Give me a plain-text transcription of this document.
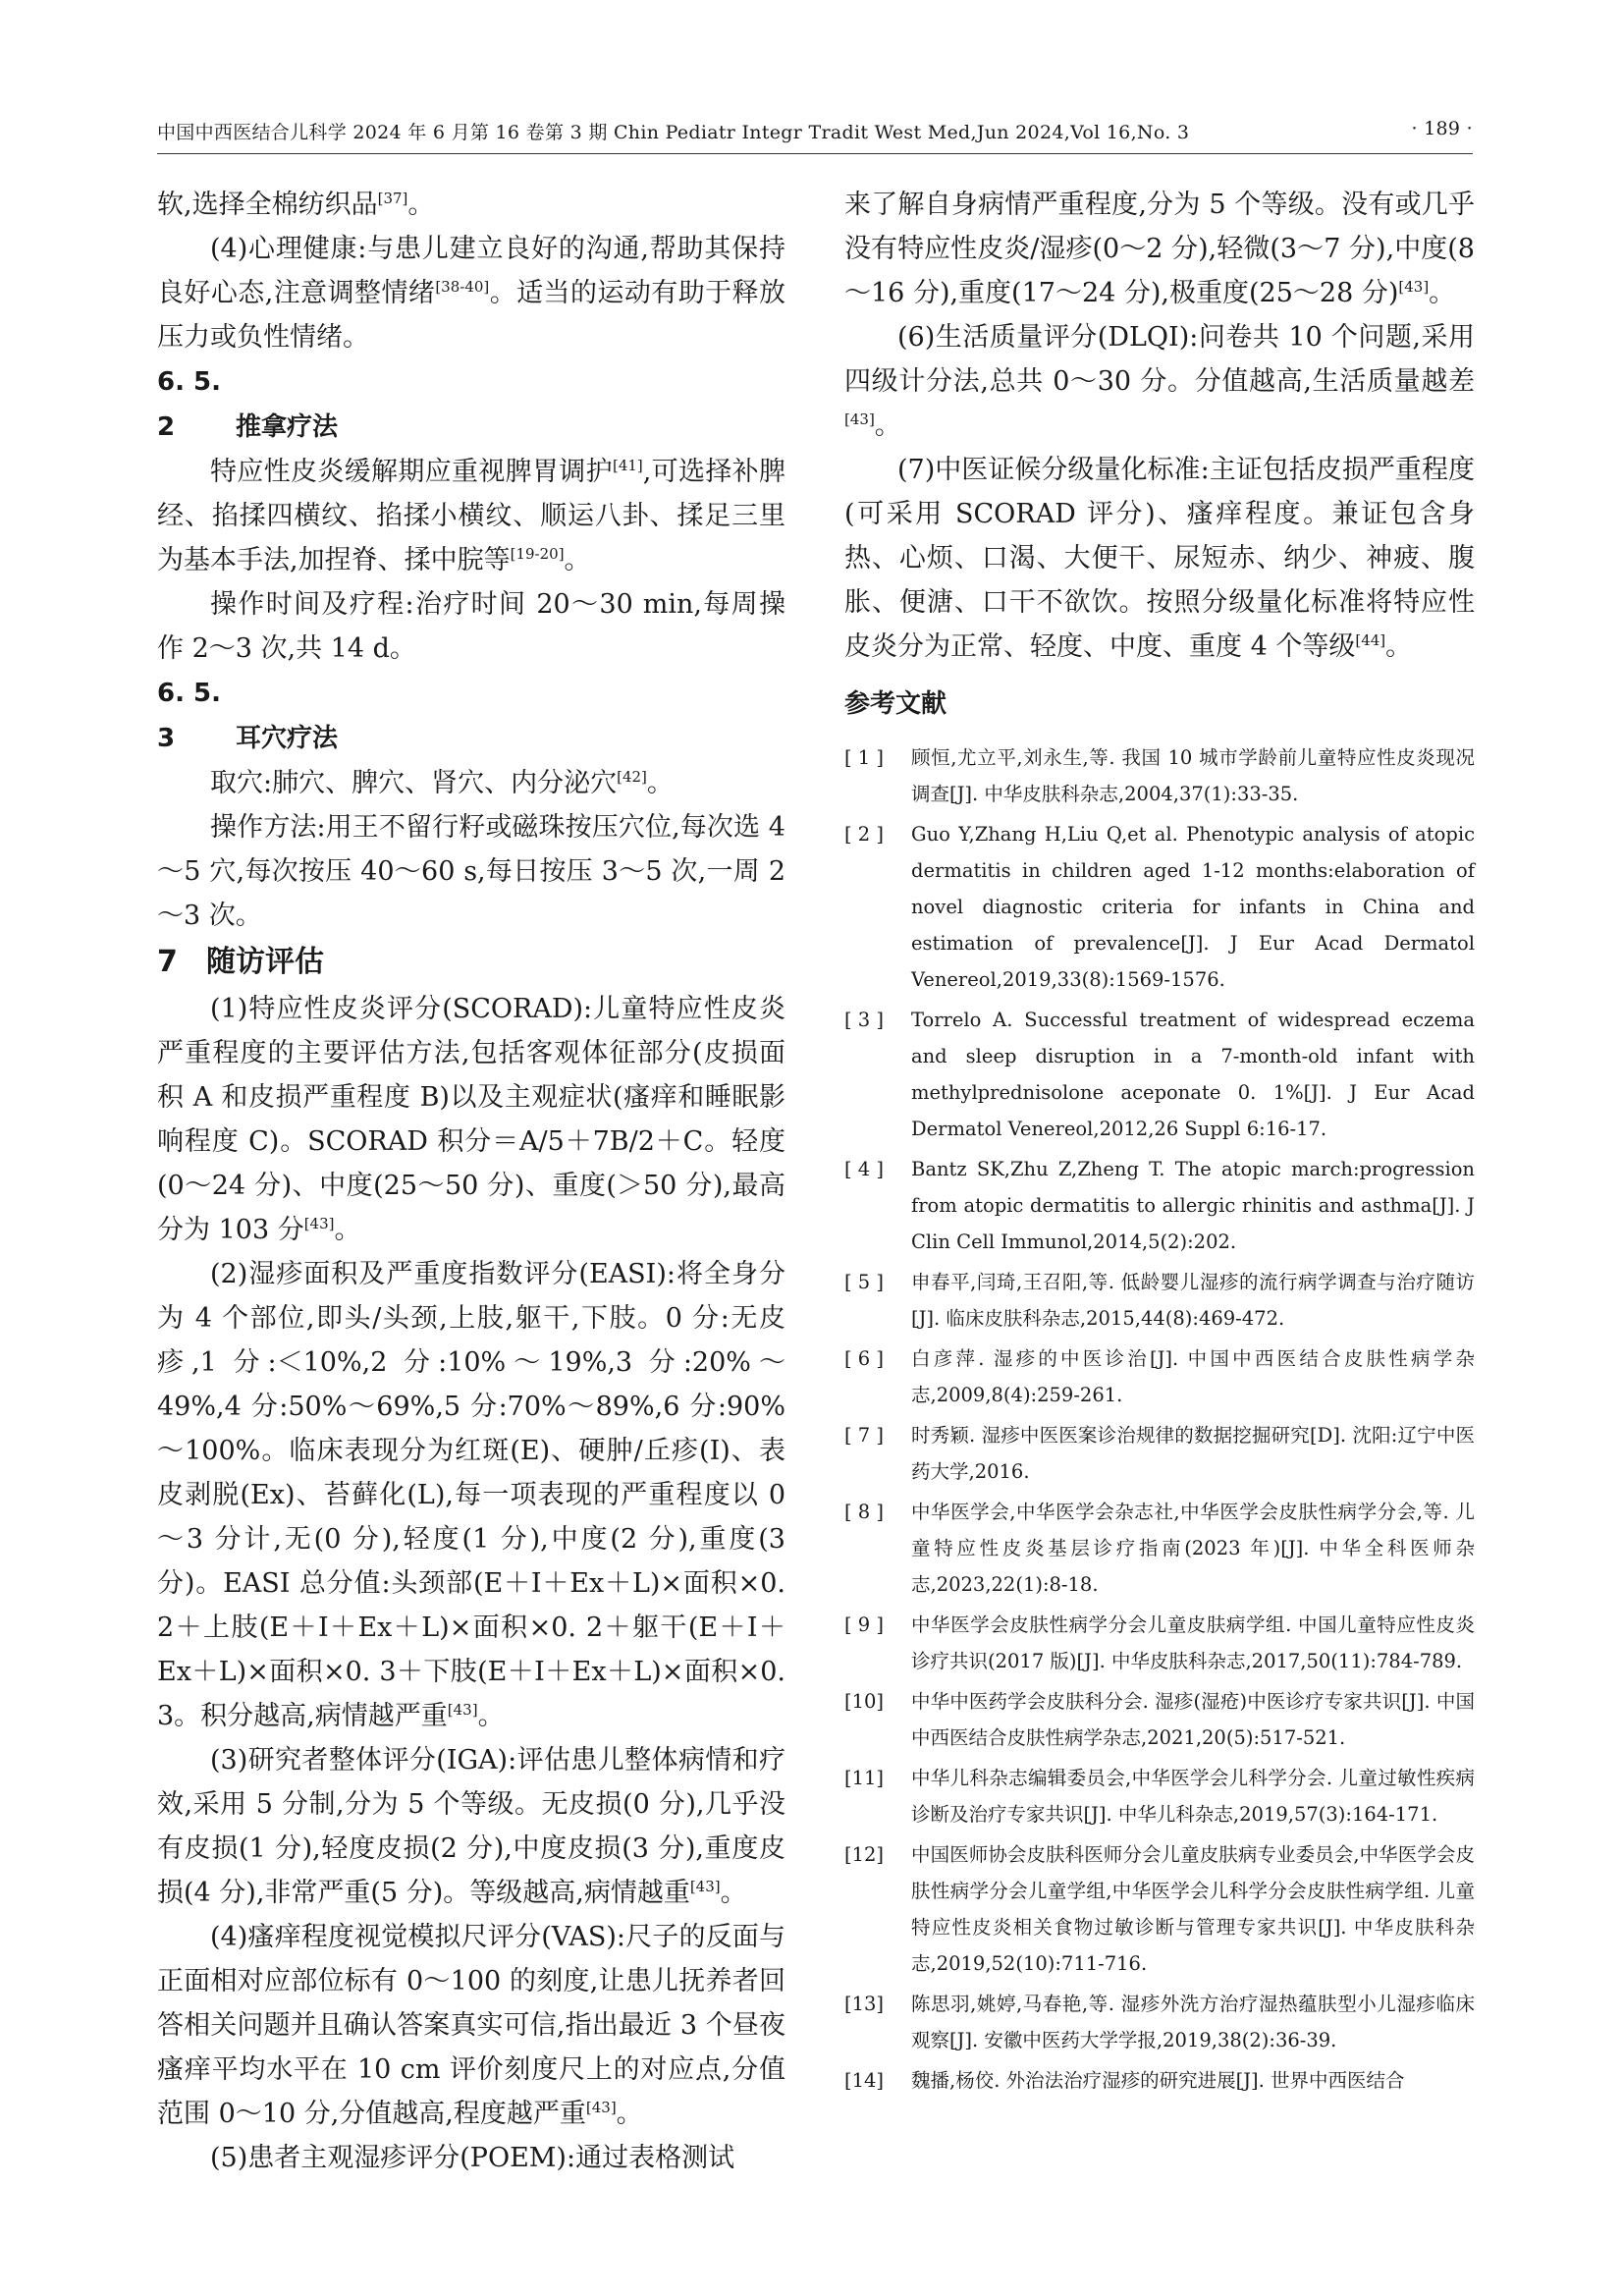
中国中西医结合儿科学 2024 年 6 月第 16 卷第 3 期 Chin Pediatr Integr Tradit West Med,Jun 2024,Vol 16,No. 3	· 189 ·

软,选择全棉纺织品[37]。

(4)心理健康:与患儿建立良好的沟通,帮助其保持良好心态,注意调整情绪[38-40]。适当的运动有助于释放压力或负性情绪。

6. 5. 2 推拿疗法

特应性皮炎缓解期应重视脾胃调护[41],可选择补脾经、掐揉四横纹、掐揉小横纹、顺运八卦、揉足三里为基本手法,加捏脊、揉中脘等[19-20]。

操作时间及疗程:治疗时间 20～30 min,每周操作 2～3 次,共 14 d。

6. 5. 3 耳穴疗法

取穴:肺穴、脾穴、肾穴、内分泌穴[42]。

操作方法:用王不留行籽或磁珠按压穴位,每次选 4～5 穴,每次按压 40～60 s,每日按压 3～5 次,一周 2～3 次。

7 随访评估

(1)特应性皮炎评分(SCORAD):儿童特应性皮炎严重程度的主要评估方法,包括客观体征部分(皮损面积 A 和皮损严重程度 B)以及主观症状(瘙痒和睡眠影响程度 C)。SCORAD 积分＝A/5＋7B/2＋C。轻度(0～24 分)、中度(25～50 分)、重度(＞50 分),最高分为 103 分[43]。

(2)湿疹面积及严重度指数评分(EASI):将全身分为 4 个部位,即头/头颈,上肢,躯干,下肢。0 分:无皮疹,1 分:＜10%,2 分:10%～19%,3 分:20%～49%,4 分:50%～69%,5 分:70%～89%,6 分:90%～100%。临床表现分为红斑(E)、硬肿/丘疹(I)、表皮剥脱(Ex)、苔藓化(L),每一项表现的严重程度以 0～3 分计,无(0 分),轻度(1 分),中度(2 分),重度(3 分)。EASI 总分值:头颈部(E＋I＋Ex＋L)×面积×0. 2＋上肢(E＋I＋Ex＋L)×面积×0. 2＋躯干(E＋I＋Ex＋L)×面积×0. 3＋下肢(E＋I＋Ex＋L)×面积×0. 3。积分越高,病情越严重[43]。

(3)研究者整体评分(IGA):评估患儿整体病情和疗效,采用 5 分制,分为 5 个等级。无皮损(0 分),几乎没有皮损(1 分),轻度皮损(2 分),中度皮损(3 分),重度皮损(4 分),非常严重(5 分)。等级越高,病情越重[43]。

(4)瘙痒程度视觉模拟尺评分(VAS):尺子的反面与正面相对应部位标有 0～100 的刻度,让患儿抚养者回答相关问题并且确认答案真实可信,指出最近 3 个昼夜瘙痒平均水平在 10 cm 评价刻度尺上的对应点,分值范围 0～10 分,分值越高,程度越严重[43]。

(5)患者主观湿疹评分(POEM):通过表格测试

来了解自身病情严重程度,分为 5 个等级。没有或几乎没有特应性皮炎/湿疹(0～2 分),轻微(3～7 分),中度(8～16 分),重度(17～24 分),极重度(25～28 分)[43]。

(6)生活质量评分(DLQI):问卷共 10 个问题,采用四级计分法,总共 0～30 分。分值越高,生活质量越差[43]。

(7)中医证候分级量化标准:主证包括皮损严重程度(可采用 SCORAD 评分)、瘙痒程度。兼证包含身热、心烦、口渴、大便干、尿短赤、纳少、神疲、腹胀、便溏、口干不欲饮。按照分级量化标准将特应性皮炎分为正常、轻度、中度、重度 4 个等级[44]。

参考文献
[ 1 ]	顾恒,尤立平,刘永生,等. 我国 10 城市学龄前儿童特应性皮炎现况调查[J]. 中华皮肤科杂志,2004,37(1):33-35.
[ 2 ]	Guo Y,Zhang H,Liu Q,et al. Phenotypic analysis of atopic dermatitis in children aged 1-12 months:elaboration of novel diagnostic criteria for infants in China and estimation of prevalence[J]. J Eur Acad Dermatol Venereol,2019,33(8):1569-1576.
[ 3 ]	Torrelo A. Successful treatment of widespread eczema and sleep disruption in a 7-month-old infant with methylprednisolone aceponate 0. 1%[J]. J Eur Acad Dermatol Venereol,2012,26 Suppl 6:16-17.
[ 4 ]	Bantz SK,Zhu Z,Zheng T. The atopic march:progression from atopic dermatitis to allergic rhinitis and asthma[J]. J Clin Cell Immunol,2014,5(2):202.
[ 5 ]	申春平,闫琦,王召阳,等. 低龄婴儿湿疹的流行病学调查与治疗随访[J]. 临床皮肤科杂志,2015,44(8):469-472.
[ 6 ]	白彦萍. 湿疹的中医诊治[J]. 中国中西医结合皮肤性病学杂志,2009,8(4):259-261.
[ 7 ]	时秀颖. 湿疹中医医案诊治规律的数据挖掘研究[D]. 沈阳:辽宁中医药大学,2016.
[ 8 ]	中华医学会,中华医学会杂志社,中华医学会皮肤性病学分会,等. 儿童特应性皮炎基层诊疗指南(2023 年)[J]. 中华全科医师杂志,2023,22(1):8-18.
[ 9 ]	中华医学会皮肤性病学分会儿童皮肤病学组. 中国儿童特应性皮炎诊疗共识(2017 版)[J]. 中华皮肤科杂志,2017,50(11):784-789.
[10]	中华中医药学会皮肤科分会. 湿疹(湿疮)中医诊疗专家共识[J]. 中国中西医结合皮肤性病学杂志,2021,20(5):517-521.
[11]	中华儿科杂志编辑委员会,中华医学会儿科学分会. 儿童过敏性疾病诊断及治疗专家共识[J]. 中华儿科杂志,2019,57(3):164-171.
[12]	中国医师协会皮肤科医师分会儿童皮肤病专业委员会,中华医学会皮肤性病学分会儿童学组,中华医学会儿科学分会皮肤性病学组. 儿童特应性皮炎相关食物过敏诊断与管理专家共识[J]. 中华皮肤科杂志,2019,52(10):711-716.
[13]	陈思羽,姚婷,马春艳,等. 湿疹外洗方治疗湿热蕴肤型小儿湿疹临床观察[J]. 安徽中医药大学学报,2019,38(2):36-39.
[14]	魏播,杨佼. 外治法治疗湿疹的研究进展[J]. 世界中西医结合
